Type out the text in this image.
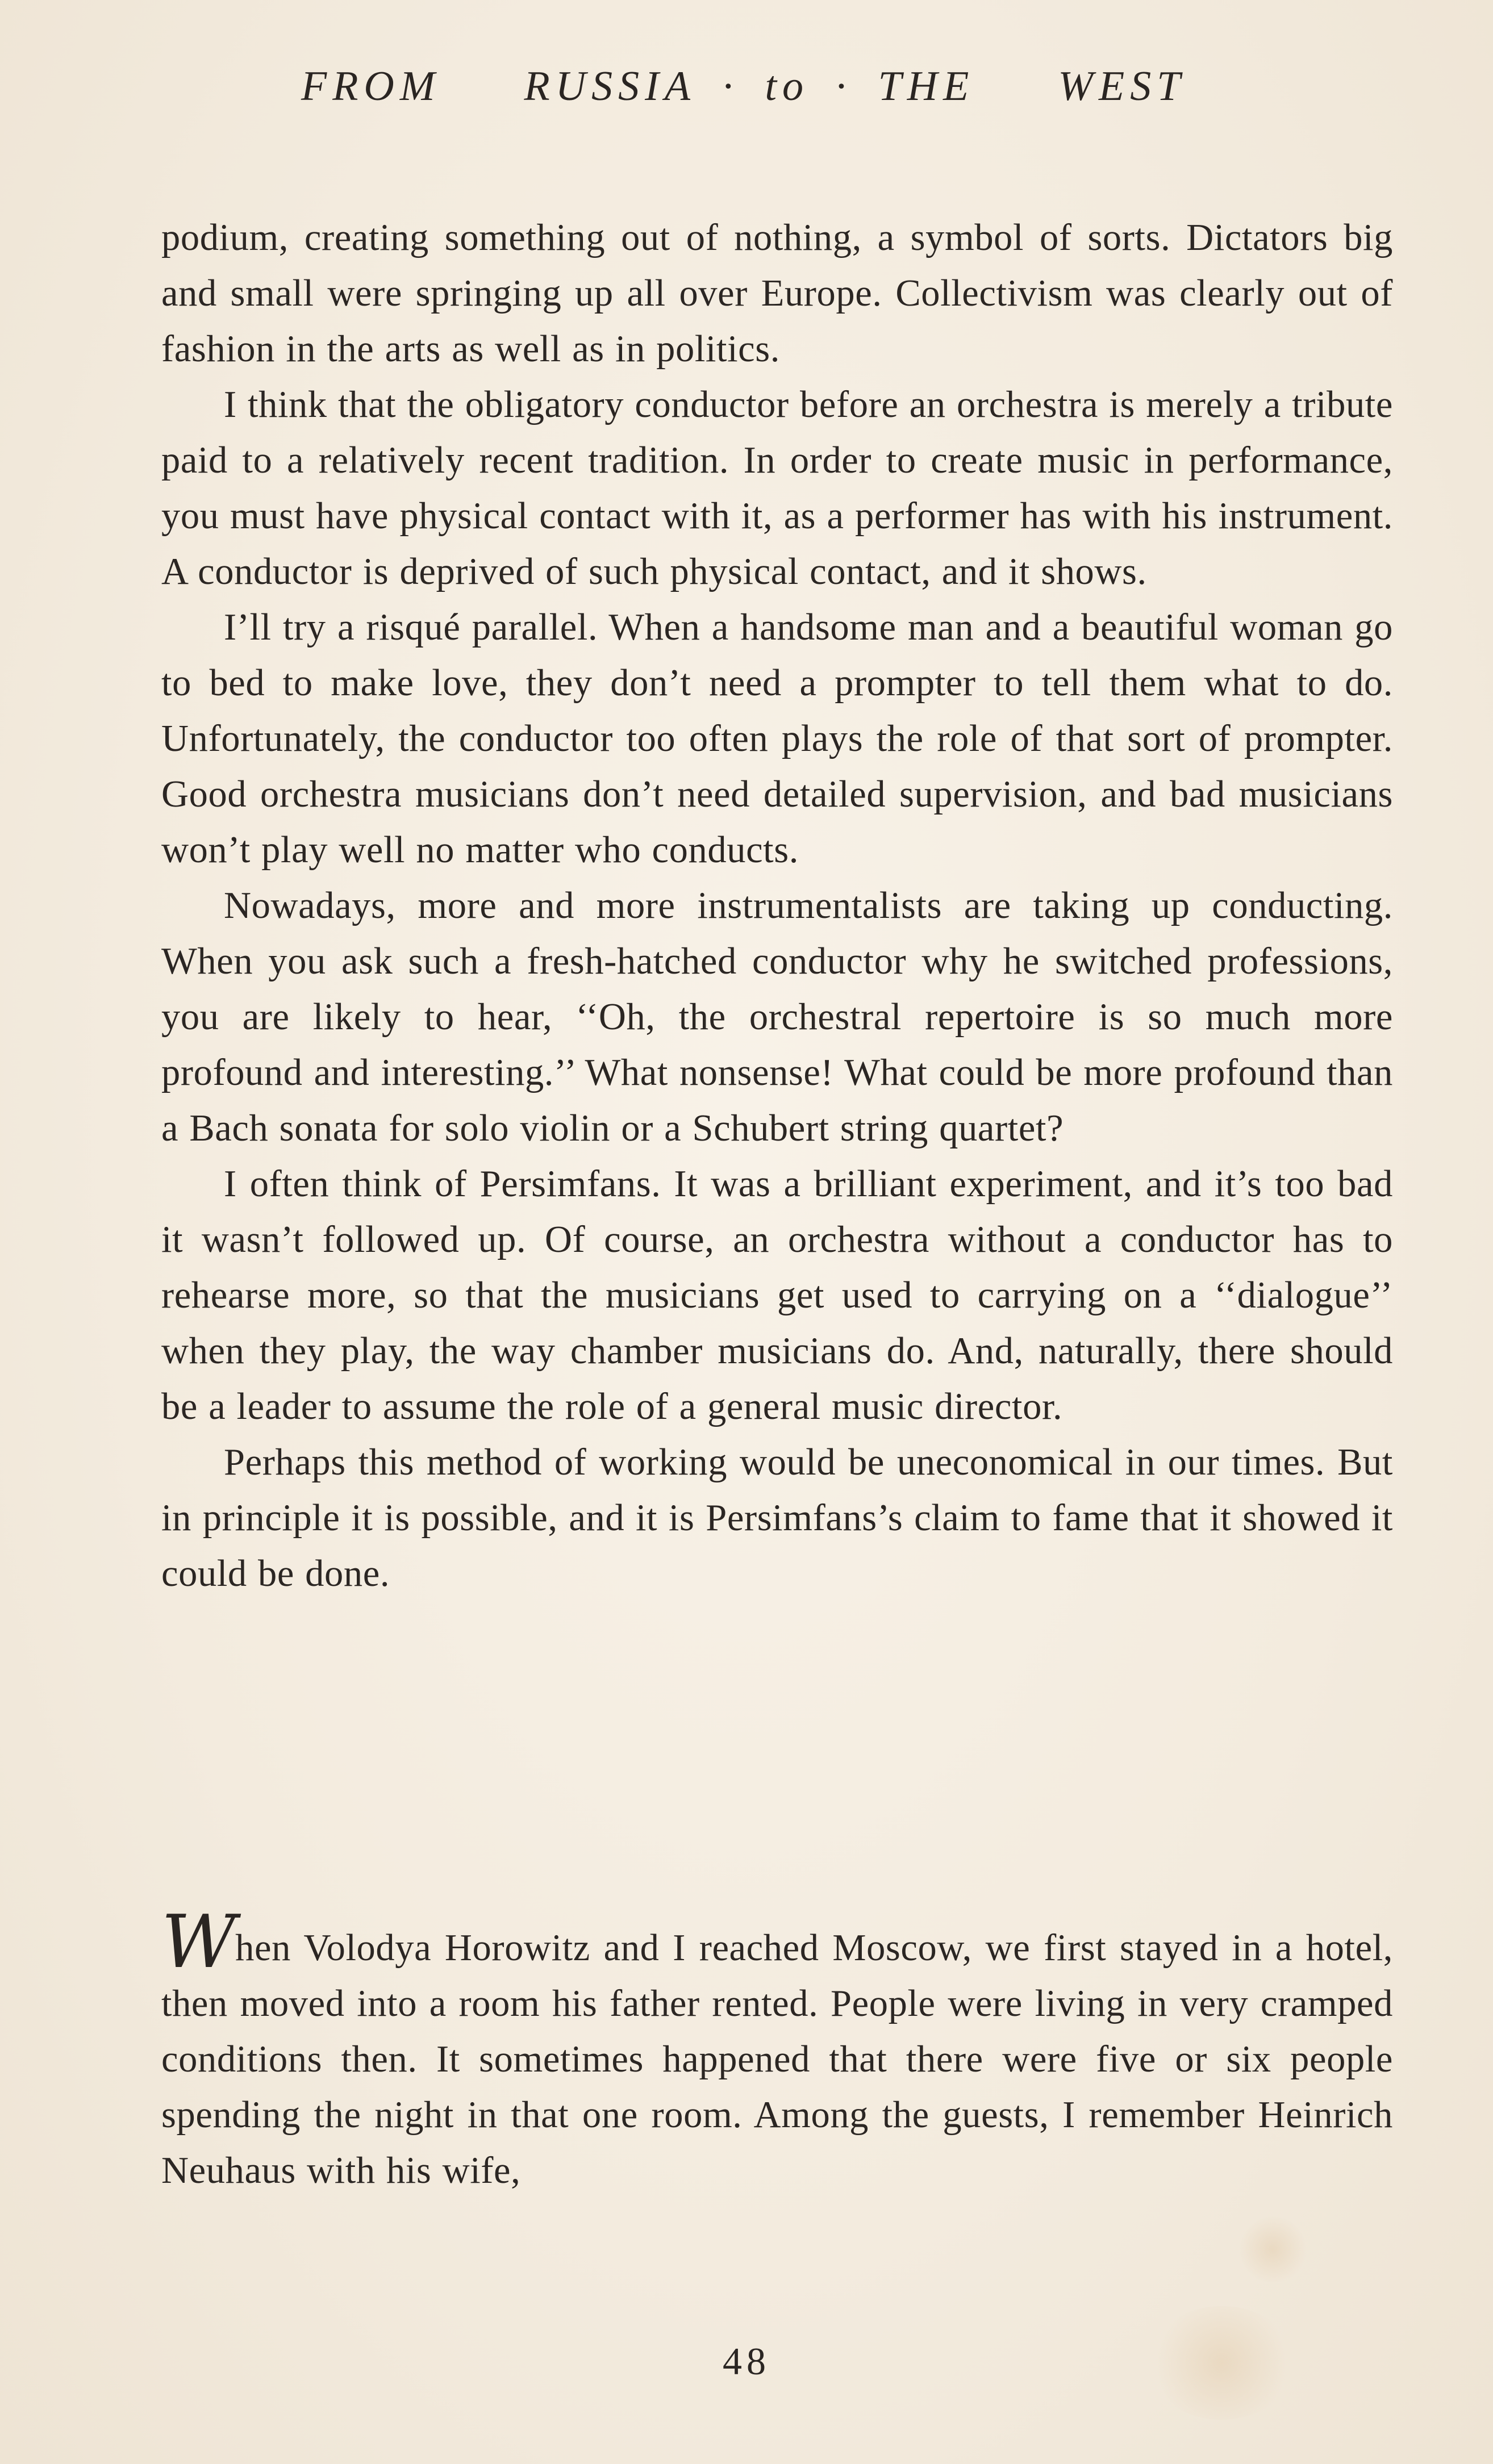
FROM RUSSIA · to · THE WEST

podium, creating something out of nothing, a symbol of sorts. Dictators big and small were springing up all over Europe. Collectivism was clearly out of fashion in the arts as well as in politics.

I think that the obligatory conductor before an orchestra is merely a tribute paid to a relatively recent tradition. In order to create music in performance, you must have physical contact with it, as a performer has with his instrument. A conductor is deprived of such physical contact, and it shows.

I’ll try a risqué parallel. When a handsome man and a beautiful woman go to bed to make love, they don’t need a prompter to tell them what to do. Unfortunately, the conductor too often plays the role of that sort of prompter. Good orchestra musicians don’t need detailed supervision, and bad musicians won’t play well no matter who conducts.

Nowadays, more and more instrumentalists are taking up conducting. When you ask such a fresh-hatched conductor why he switched professions, you are likely to hear, ‘‘Oh, the orchestral repertoire is so much more profound and interesting.’’ What nonsense! What could be more profound than a Bach sonata for solo violin or a Schubert string quartet?

I often think of Persimfans. It was a brilliant experiment, and it’s too bad it wasn’t followed up. Of course, an orchestra without a conductor has to rehearse more, so that the musicians get used to carrying on a ‘‘dialogue’’ when they play, the way chamber musicians do. And, naturally, there should be a leader to assume the role of a general music director.

Perhaps this method of working would be uneconomical in our times. But in principle it is possible, and it is Persimfans’s claim to fame that it showed it could be done.

When Volodya Horowitz and I reached Moscow, we first stayed in a hotel, then moved into a room his father rented. People were living in very cramped conditions then. It sometimes happened that there were five or six people spending the night in that one room. Among the guests, I remember Heinrich Neuhaus with his wife,

48
